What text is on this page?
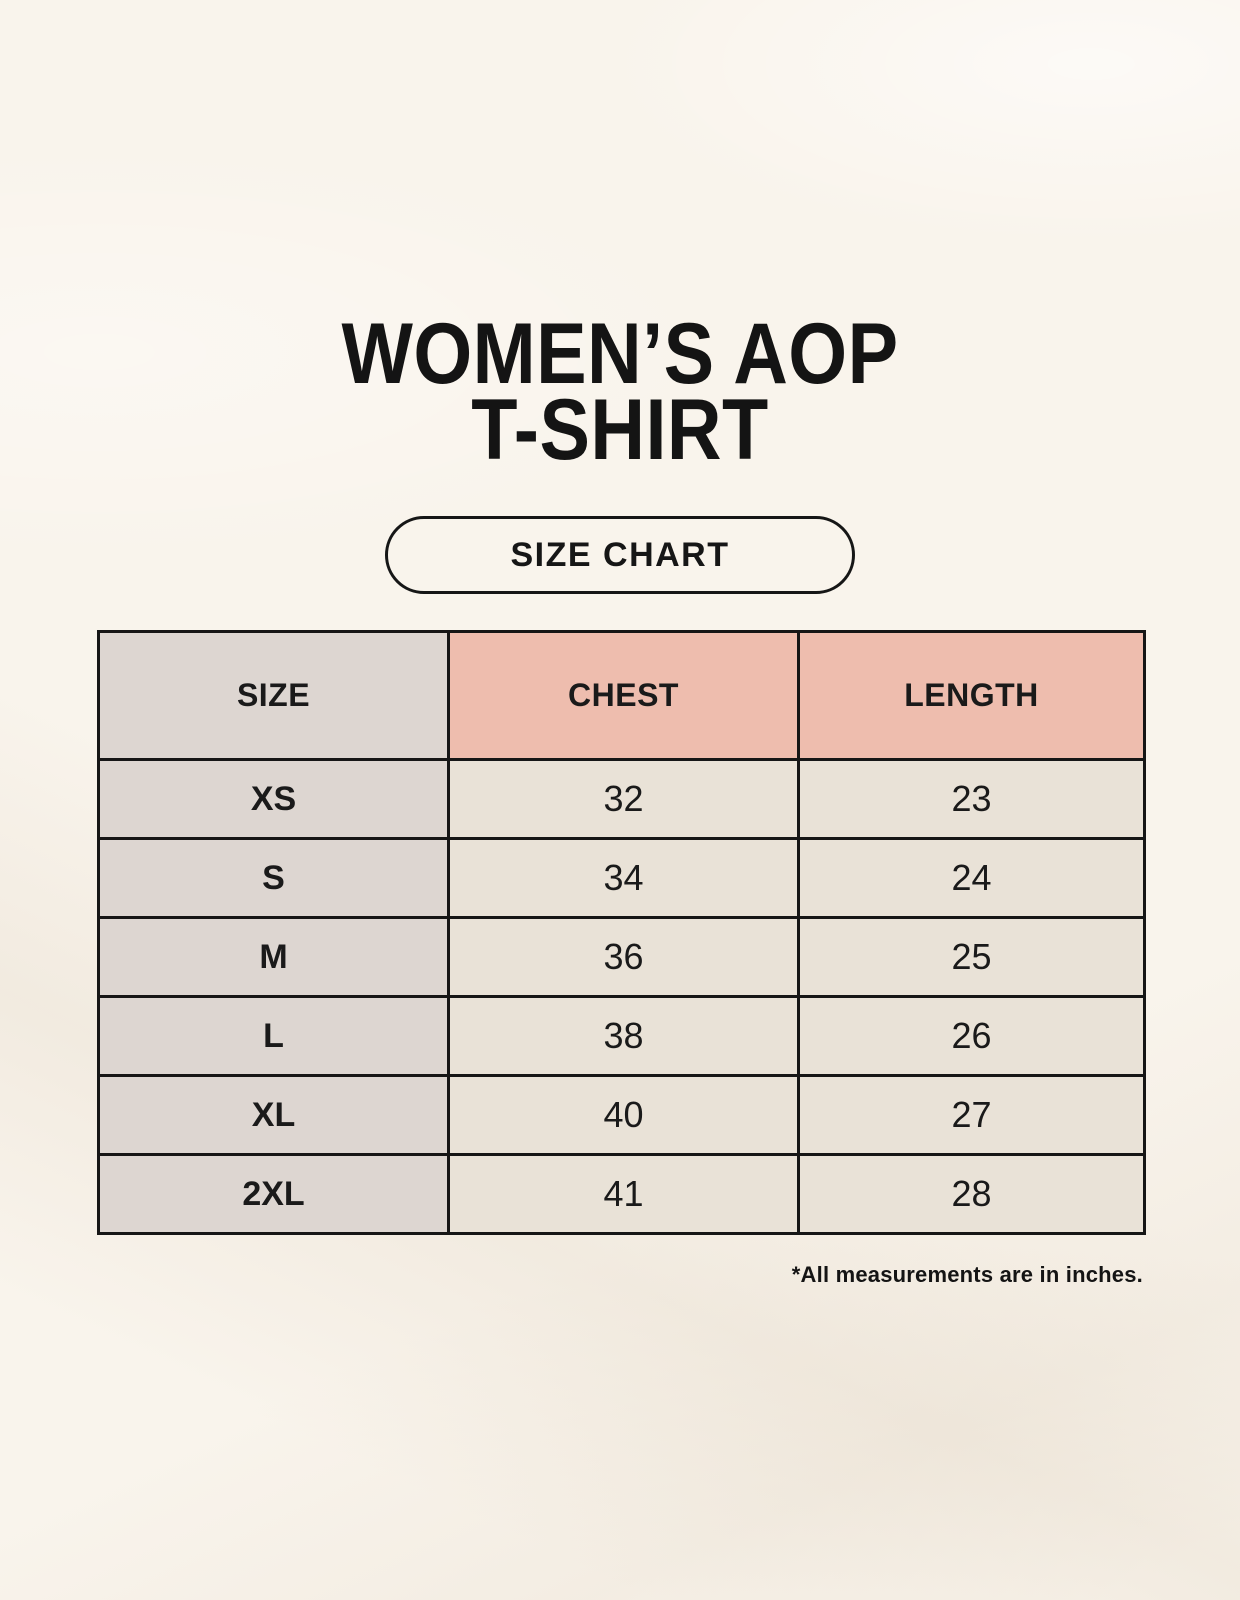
WOMEN’S AOP
T-SHIRT
SIZE CHART
SIZE	CHEST	LENGTH
XS	32	23
S	34	24
M	36	25
L	38	26
XL	40	27
2XL	41	28
*All measurements are in inches.
